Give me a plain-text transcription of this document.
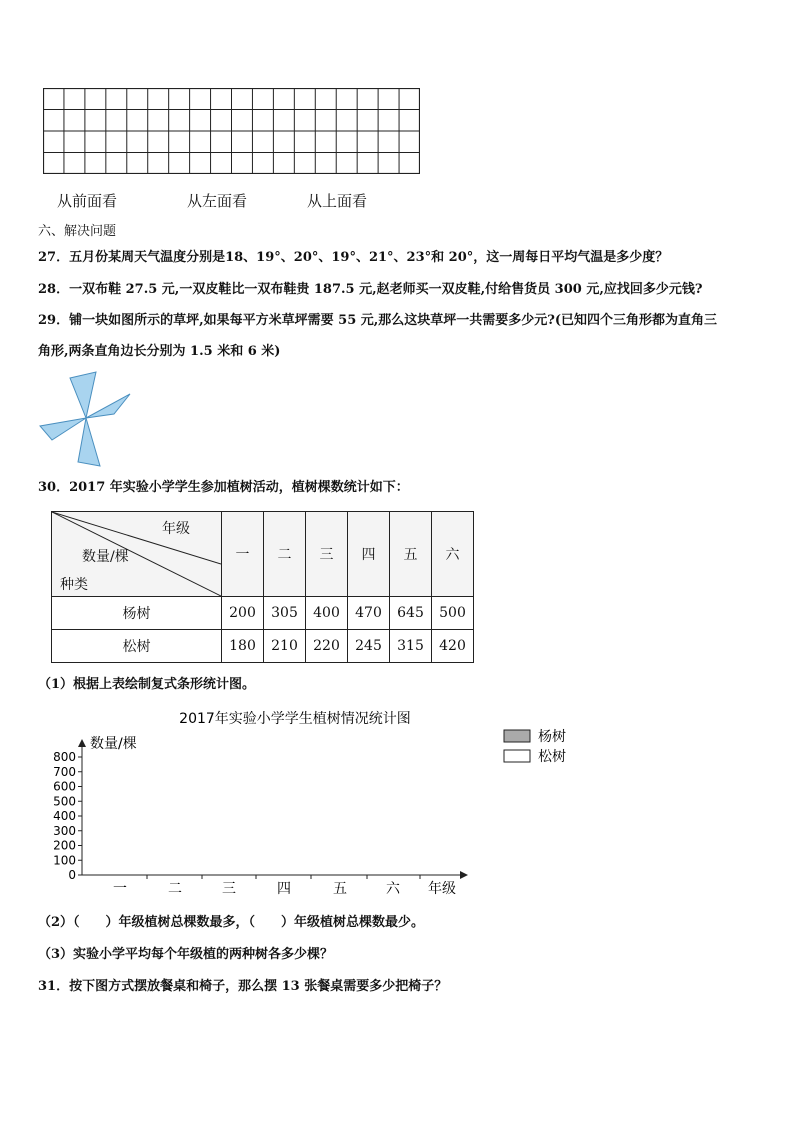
从前面看	从左面看	从上面看
六、解决问题
27．五月份某周天气温度分别是18、19°、20°、19°、21°、23°和 20°，这一周每日平均气温是多少度？
28．一双布鞋 27.5 元,一双皮鞋比一双布鞋贵 187.5 元,赵老师买一双皮鞋,付给售货员 300 元,应找回多少元钱?
29．铺一块如图所示的草坪,如果每平方米草坪需要 55 元,那么这块草坪一共需要多少元?(已知四个三角形都为直角三
角形,两条直角边长分别为 1.5 米和 6 米)
30．2017 年实验小学学生参加植树活动，植树棵数统计如下：
年级
数量/棵
种类	一	二	三	四	五	六
杨树	200	305	400	470	645	500
松树	180	210	220	245	315	420
（1）根据上表绘制复式条形统计图。
2017年实验小学学生植树情况统计图
数量/棵
0
100
200
300
400
500
600
700
800
一	二	三	四	五	六 年级
杨树
松树
（2）（　　）年级植树总棵数最多，（　　）年级植树总棵数最少。
（3）实验小学平均每个年级植的两种树各多少棵？
31．按下图方式摆放餐桌和椅子，那么摆 13 张餐桌需要多少把椅子？
